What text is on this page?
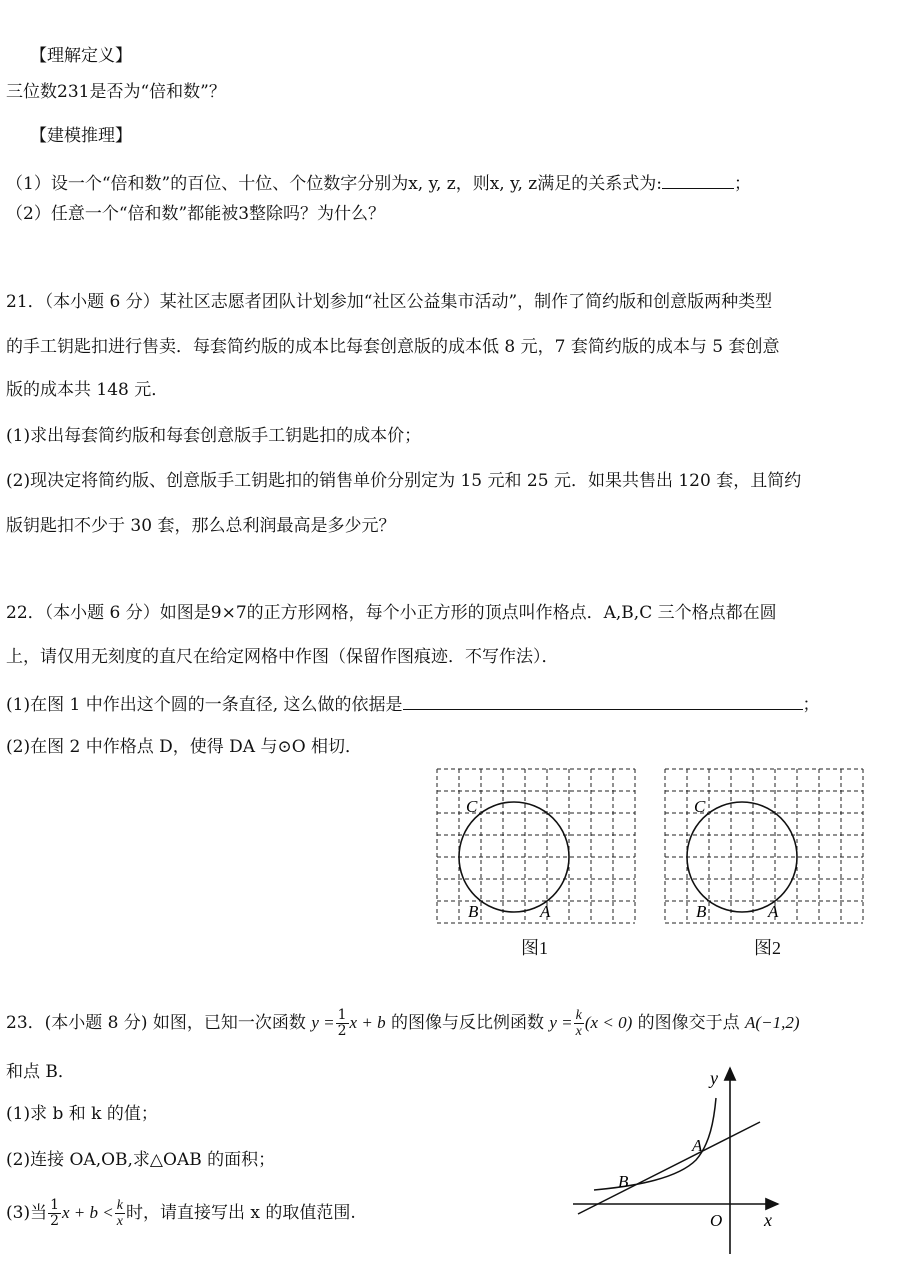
【理解定义】
三位数231是否为“倍和数”？
【建模推理】
（1）设一个“倍和数”的百位、十位、个位数字分别为x, y, z，则x, y, z满足的关系式为:	；
（2）任意一个“倍和数”都能被3整除吗？为什么？
21．（本小题 6 分）某社区志愿者团队计划参加“社区公益集市活动”，制作了简约版和创意版两种类型
的手工钥匙扣进行售卖．每套简约版的成本比每套创意版的成本低 8 元，7 套简约版的成本与 5 套创意
版的成本共 148 元．
(1)求出每套简约版和每套创意版手工钥匙扣的成本价；
(2)现决定将简约版、创意版手工钥匙扣的销售单价分别定为 15 元和 25 元．如果共售出 120 套，且简约
版钥匙扣不少于 30 套，那么总利润最高是多少元？
22．（本小题 6 分）如图是9×7的正方形网格，每个小正方形的顶点叫作格点．A,B,C 三个格点都在圆
上，请仅用无刻度的直尺在给定网格中作图（保留作图痕迹．不写作法）．
(1)在图 1 中作出这个圆的一条直径, 这么做的依据是	；
(2)在图 2 中作格点 D，使得 DA 与⊙O 相切．
C
B	A
图1
C
B	A
图2
23．(本小题 8 分) 如图，已知一次函数 $y = \frac{1}{2}$ x + b 的图像与反比例函数 $y = \frac{k}{x} (x < 0)$ 的图像交于点 A(−1,2)
和点 B．
(1)求 b 和 k 的值；
(2)连接 OA,OB,求△OAB 的面积；
(3)当 $\frac{1}{2}$ $x + b < \frac{k}{x}$ 时，请直接写出 x 的取值范围.
y
x
O
A
B
